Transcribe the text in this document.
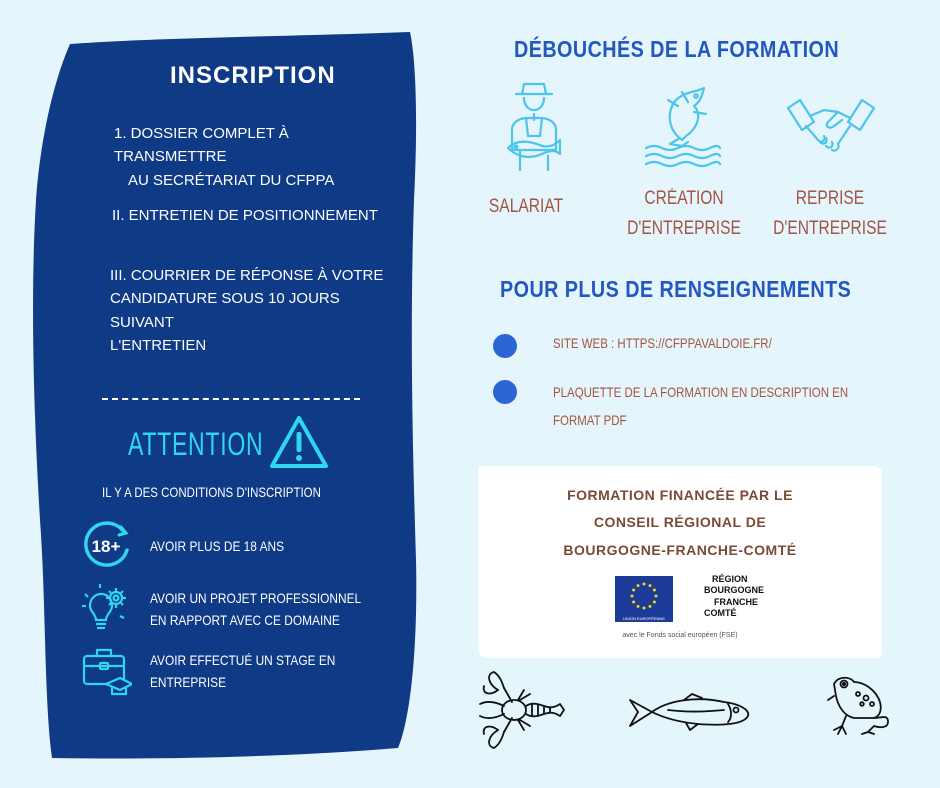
INSCRIPTION
1. DOSSIER COMPLET À TRANSMETTRE
AU SECRÉTARIAT DU CFPPA
II. ENTRETIEN DE POSITIONNEMENT
III. COURRIER DE RÉPONSE À VOTRE
CANDIDATURE SOUS 10 JOURS SUIVANT
L'ENTRETIEN
ATTENTION
IL Y A DES CONDITIONS D'INSCRIPTION
18+ AVOIR PLUS DE 18 ANS
AVOIR UN PROJET PROFESSIONNEL
EN RAPPORT AVEC CE DOMAINE
AVOIR EFFECTUÉ UN STAGE EN
ENTREPRISE
DÉBOUCHÉS DE LA FORMATION
SALARIAT	CRÉATION
D'ENTREPRISE
REPRISE
D'ENTREPRISE
POUR PLUS DE RENSEIGNEMENTS
SITE WEB : HTTPS://CFPPAVALDOIE.FR/
PLAQUETTE DE LA FORMATION EN DESCRIPTION EN
FORMAT PDF
FORMATION FINANCÉE PAR LE
CONSEIL RÉGIONAL DE
BOURGOGNE-FRANCHE-COMTÉ
UNION EUROPÉENNE
RÉGION
BOURGOGNE
FRANCHE
COMTÉ
avec le Fonds social européen (FSE)
